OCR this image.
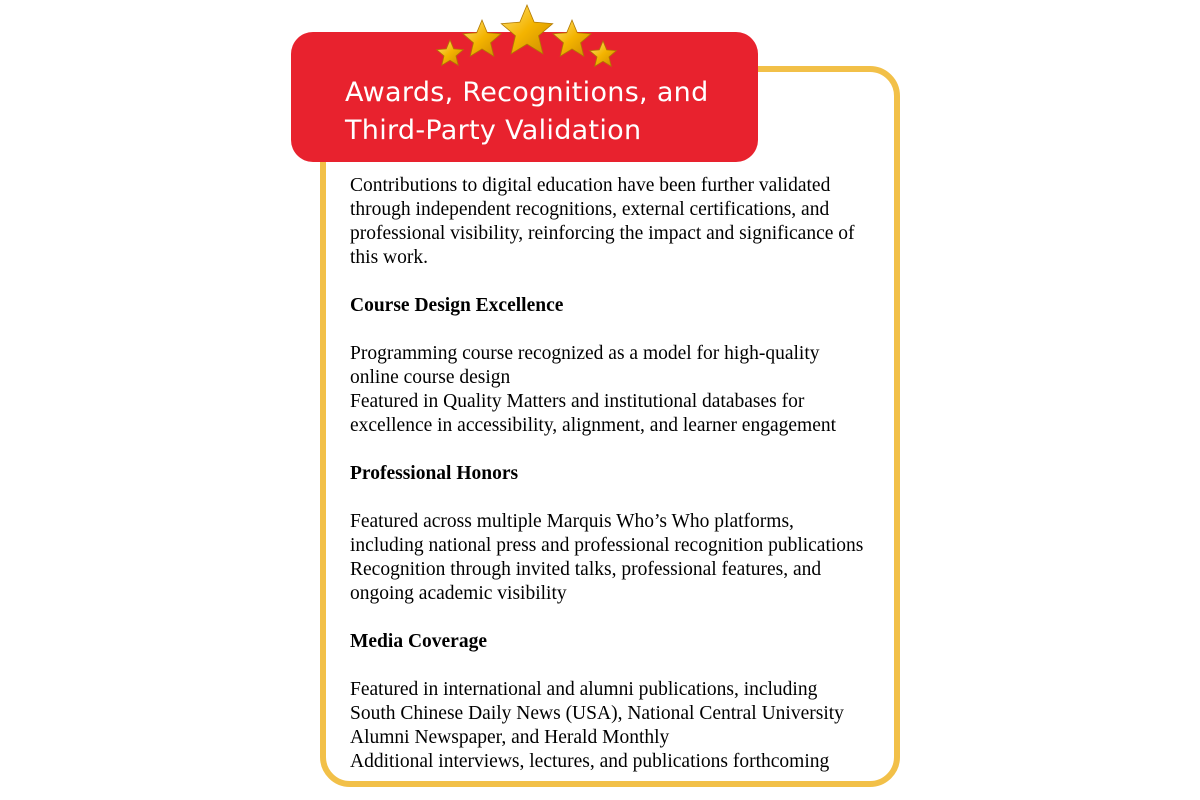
Awards, Recognitions, and
Third-Party Validation
Contributions to digital education have been further validated
through independent recognitions, external certifications, and
professional visibility, reinforcing the impact and significance of
this work.
Course Design Excellence
Programming course recognized as a model for high-quality
online course design
Featured in Quality Matters and institutional databases for
excellence in accessibility, alignment, and learner engagement
Professional Honors
Featured across multiple Marquis Who’s Who platforms,
including national press and professional recognition publications
Recognition through invited talks, professional features, and
ongoing academic visibility
Media Coverage
Featured in international and alumni publications, including
South Chinese Daily News (USA), National Central University
Alumni Newspaper, and Herald Monthly
Additional interviews, lectures, and publications forthcoming
